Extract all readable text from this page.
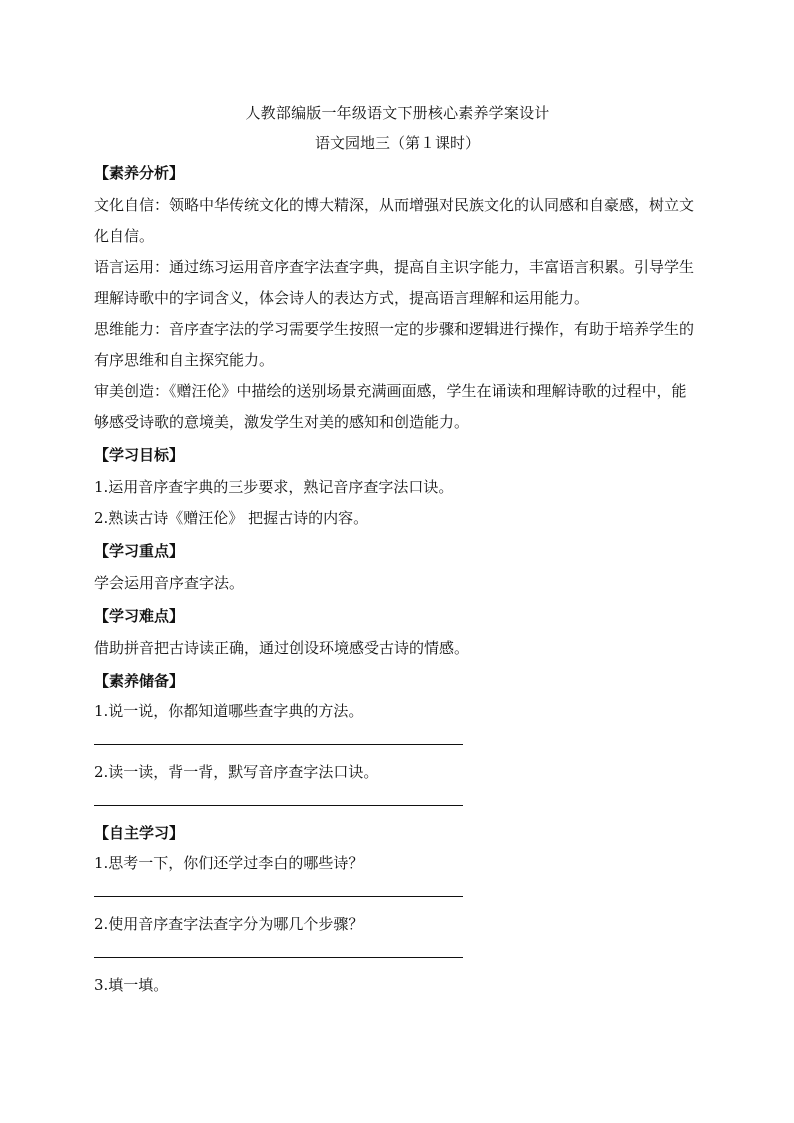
人教部编版一年级语文下册核心素养学案设计

语文园地三（第１课时）

【素养分析】

文化自信：领略中华传统文化的博大精深，从而增强对民族文化的认同感和自豪感，树立文化自信。

语言运用：通过练习运用音序查字法查字典，提高自主识字能力，丰富语言积累。引导学生理解诗歌中的字词含义，体会诗人的表达方式，提高语言理解和运用能力。

思维能力：音序查字法的学习需要学生按照一定的步骤和逻辑进行操作，有助于培养学生的有序思维和自主探究能力。

审美创造：《赠汪伦》中描绘的送别场景充满画面感，学生在诵读和理解诗歌的过程中，能够感受诗歌的意境美，激发学生对美的感知和创造能力。

【学习目标】

1.运用音序查字典的三步要求，熟记音序查字法口诀。

2.熟读古诗《赠汪伦》 把握古诗的内容。

【学习重点】

学会运用音序查字法。

【学习难点】

借助拼音把古诗读正确，通过创设环境感受古诗的情感。

【素养储备】

1.说一说，你都知道哪些查字典的方法。

2.读一读，背一背，默写音序查字法口诀。

【自主学习】

1.思考一下，你们还学过李白的哪些诗？

2.使用音序查字法查字分为哪几个步骤？

3.填一填。
